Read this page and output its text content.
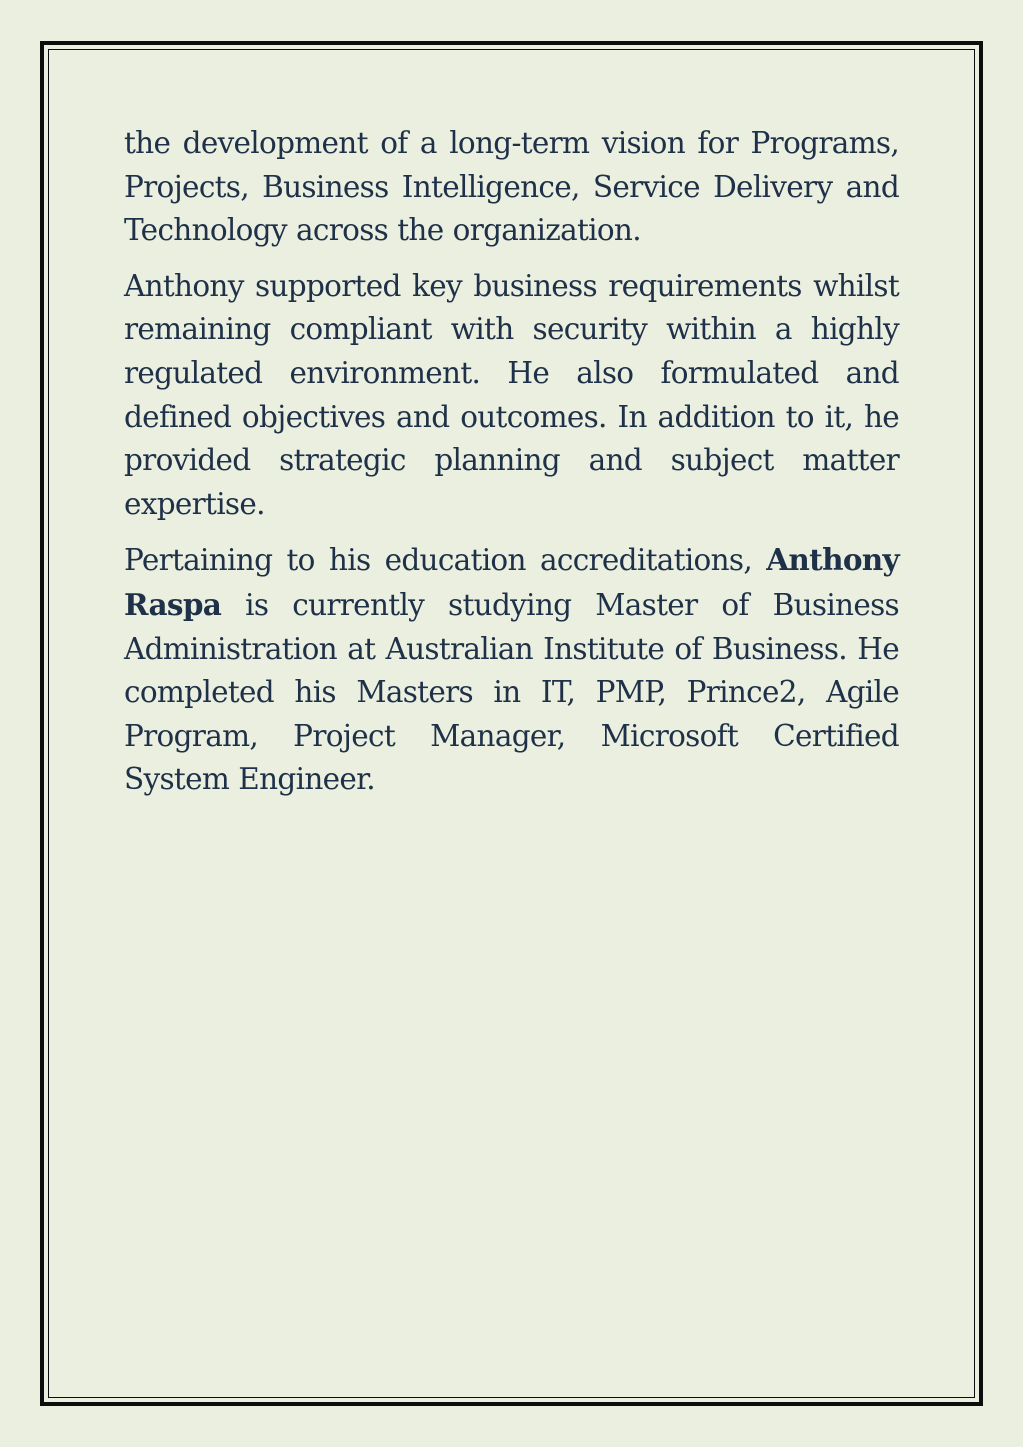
the development of a long-term vision for Programs, Projects, Business Intelligence, Service Delivery and Technology across the organization.

Anthony supported key business requirements whilst remaining compliant with security within a highly regulated environment. He also formulated and defined objectives and outcomes. In addition to it, he provided strategic planning and subject matter expertise.

Pertaining to his education accreditations, Anthony Raspa is currently studying Master of Business Administration at Australian Institute of Business. He completed his Masters in IT, PMP, Prince2, Agile Program, Project Manager, Microsoft Certified System Engineer.
